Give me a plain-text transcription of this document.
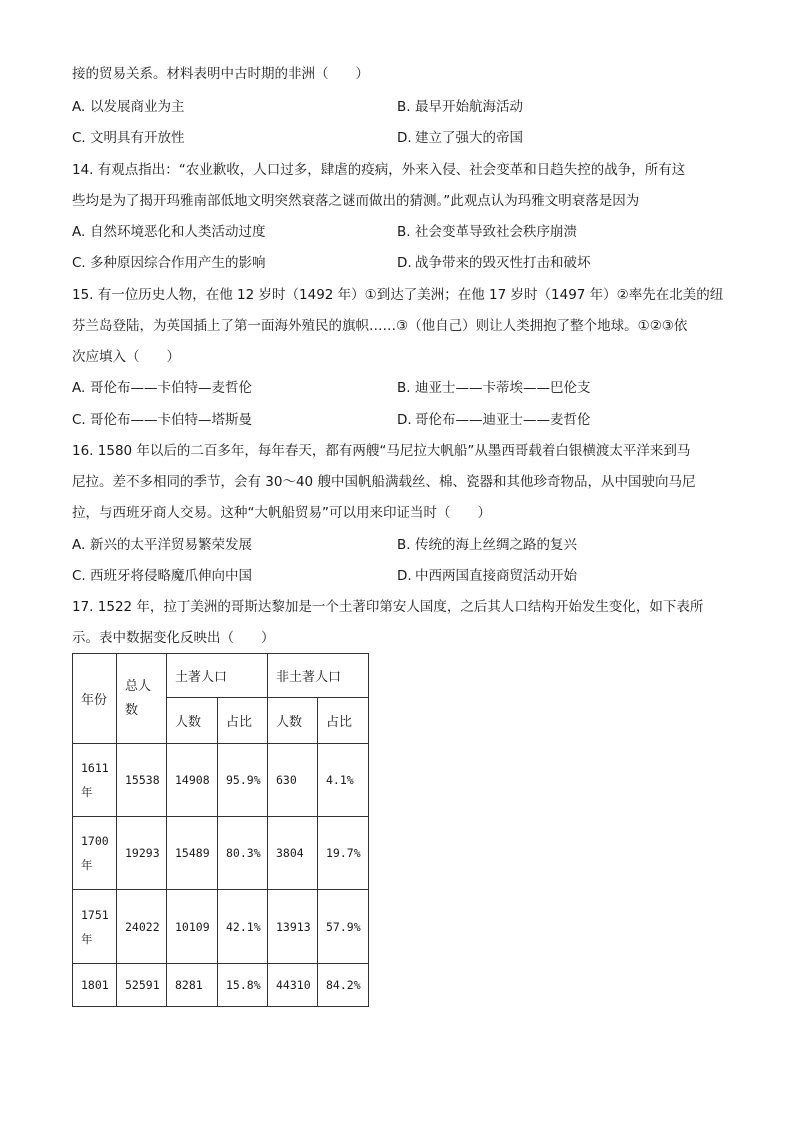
接的贸易关系。材料表明中古时期的非洲（　　）
A. 以发展商业为主	B. 最早开始航海活动
C. 文明具有开放性	D. 建立了强大的帝国
14. 有观点指出：“农业歉收，人口过多，肆虐的疫病，外来入侵、社会变革和日趋失控的战争，所有这
些均是为了揭开玛雅南部低地文明突然衰落之谜而做出的猜测。”此观点认为玛雅文明衰落是因为
A. 自然环境恶化和人类活动过度	B. 社会变革导致社会秩序崩溃
C. 多种原因综合作用产生的影响	D. 战争带来的毁灭性打击和破坏
15. 有一位历史人物，在他 12 岁时（1492 年）①到达了美洲；在他 17 岁时（1497 年）②率先在北美的纽
芬兰岛登陆，为英国插上了第一面海外殖民的旗帜……③（他自己）则让人类拥抱了整个地球。①②③依
次应填入（　　）
A. 哥伦布——卡伯特—麦哲伦	B. 迪亚士——卡蒂埃——巴伦支
C. 哥伦布——卡伯特—塔斯曼	D. 哥伦布——迪亚士——麦哲伦
16. 1580 年以后的二百多年，每年春天，都有两艘“马尼拉大帆船”从墨西哥载着白银横渡太平洋来到马
尼拉。差不多相同的季节，会有 30～40 艘中国帆船满载丝、棉、瓷器和其他珍奇物品，从中国驶向马尼
拉，与西班牙商人交易。这种“大帆船贸易”可以用来印证当时（　　）
A. 新兴的太平洋贸易繁荣发展	B. 传统的海上丝绸之路的复兴
C. 西班牙将侵略魔爪伸向中国	D. 中西两国直接商贸活动开始
17. 1522 年，拉丁美洲的哥斯达黎加是一个土著印第安人国度，之后其人口结构开始发生变化，如下表所
示。表中数据变化反映出（　　）
年份	总人
数	土著人口		非土著人口	
		人数	占比	人数	占比

1611
年	15538	14908	95.9%	630	4.1%

1700
年	19293	15489	80.3%	3804	19.7%

1751
年	24022	10109	42.1%	13913	57.9%
1801	52591	8281	15.8%	44310	84.2%
